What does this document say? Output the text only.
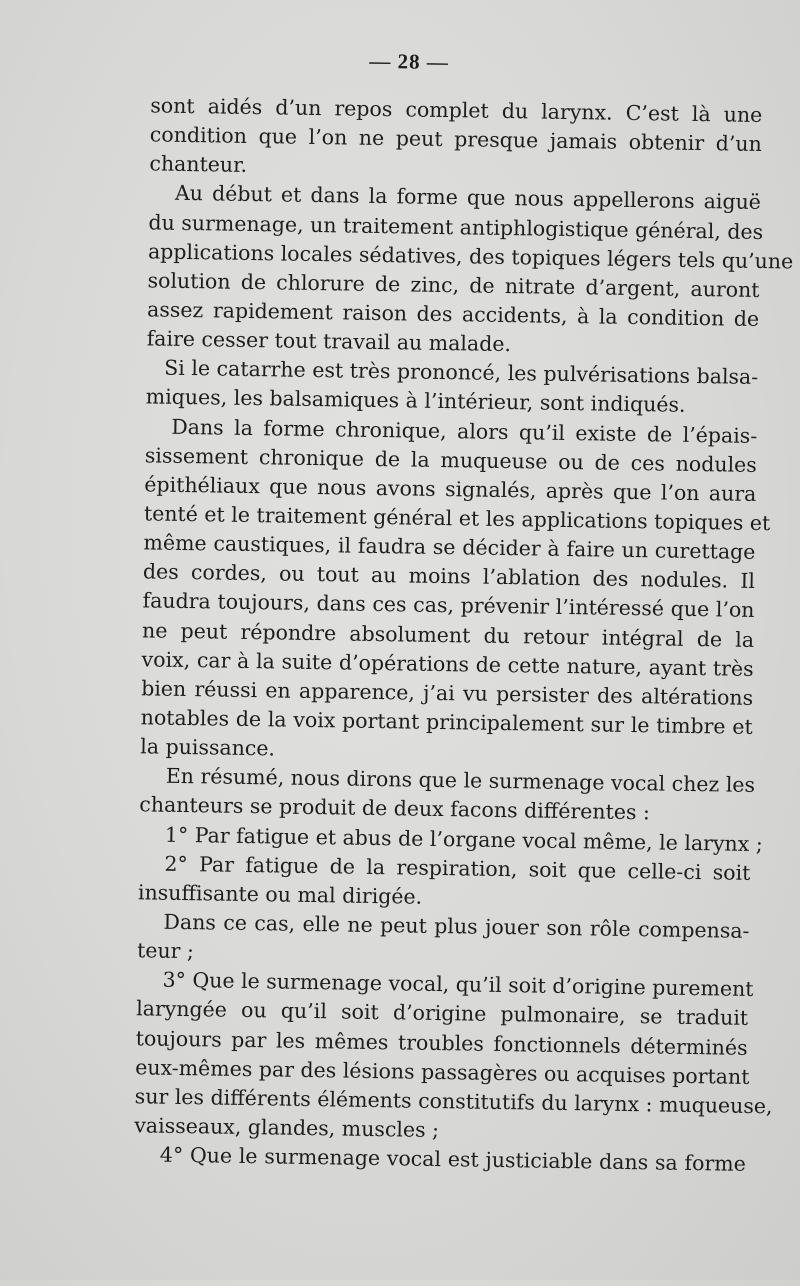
— 28 —
sont aidés d’un repos complet du larynx. C’est là une
condition que l’on ne peut presque jamais obtenir d’un
chanteur.
Au début et dans la forme que nous appellerons aiguë
du surmenage, un traitement antiphlogistique général, des
applications locales sédatives, des topiques légers tels qu’une
solution de chlorure de zinc, de nitrate d’argent, auront
assez rapidement raison des accidents, à la condition de
faire cesser tout travail au malade.
Si le catarrhe est très prononcé, les pulvérisations balsa-
miques, les balsamiques à l’intérieur, sont indiqués.
Dans la forme chronique, alors qu’il existe de l’épais-
sissement chronique de la muqueuse ou de ces nodules
épithéliaux que nous avons signalés, après que l’on aura
tenté et le traitement général et les applications topiques et
même caustiques, il faudra se décider à faire un curettage
des cordes, ou tout au moins l’ablation des nodules. Il
faudra toujours, dans ces cas, prévenir l’intéressé que l’on
ne peut répondre absolument du retour intégral de la
voix, car à la suite d’opérations de cette nature, ayant très
bien réussi en apparence, j’ai vu persister des altérations
notables de la voix portant principalement sur le timbre et
la puissance.
En résumé, nous dirons que le surmenage vocal chez les
chanteurs se produit de deux facons différentes :
1° Par fatigue et abus de l’organe vocal même, le larynx ;
2° Par fatigue de la respiration, soit que celle-ci soit
insuffisante ou mal dirigée.
Dans ce cas, elle ne peut plus jouer son rôle compensa-
teur ;
3° Que le surmenage vocal, qu’il soit d’origine purement
laryngée ou qu’il soit d’origine pulmonaire, se traduit
toujours par les mêmes troubles fonctionnels déterminés
eux-mêmes par des lésions passagères ou acquises portant
sur les différents éléments constitutifs du larynx : muqueuse,
vaisseaux, glandes, muscles ;
4° Que le surmenage vocal est justiciable dans sa forme
